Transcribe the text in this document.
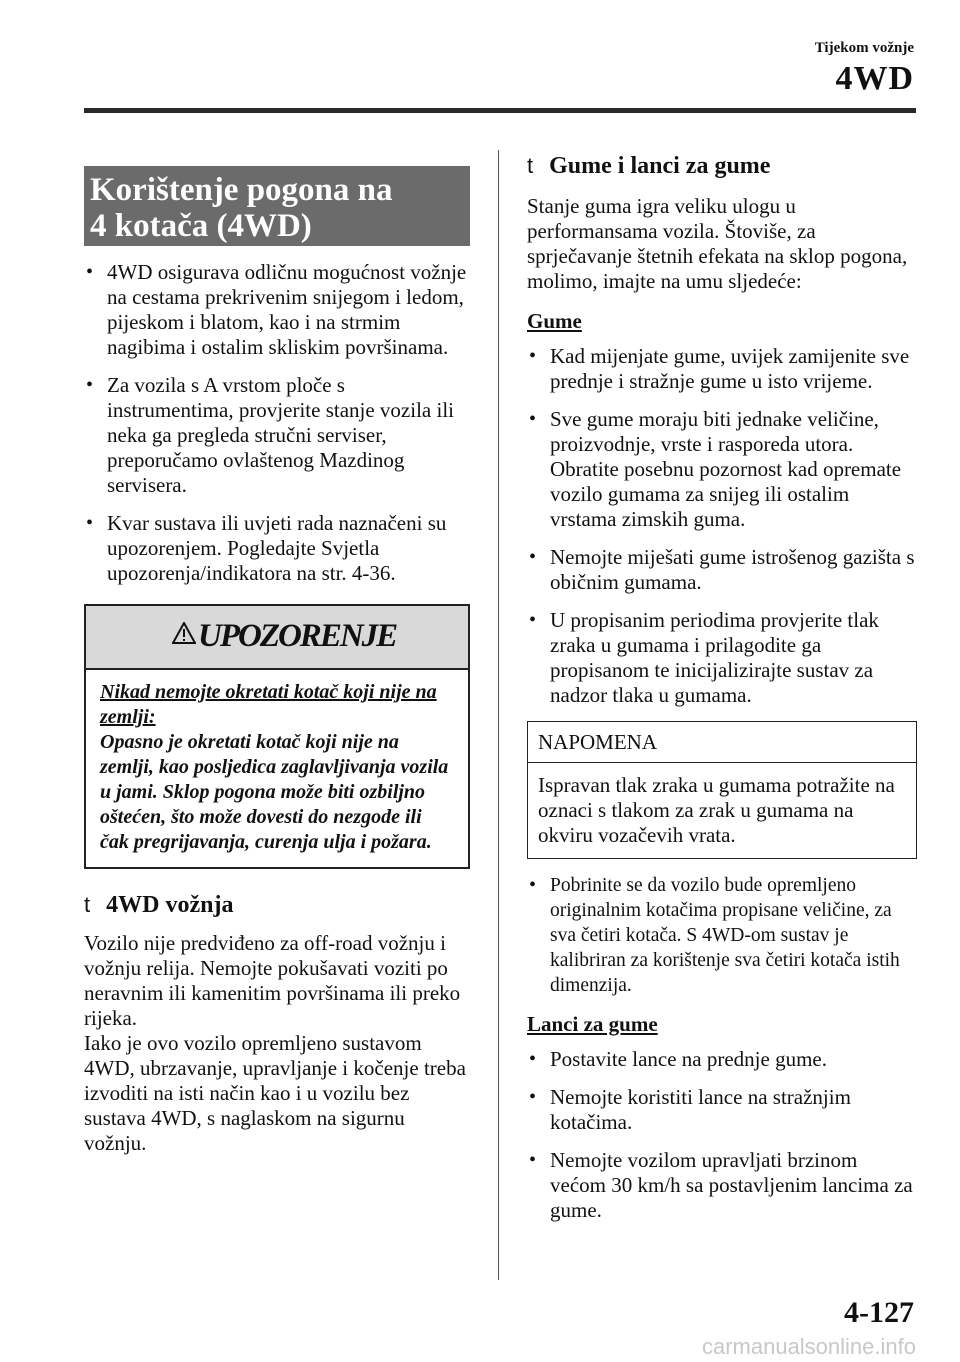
Tijekom vožnje
4WD
Korištenje pogona na
4 kotača (4WD)
• 4WD osigurava odličnu mogućnost vožnje na cestama prekrivenim snijegom i ledom, pijeskom i blatom, kao i na strmim nagibima i ostalim skliskim površinama.
• Za vozila s A vrstom ploče s instrumentima, provjerite stanje vozila ili neka ga pregleda stručni serviser, preporučamo ovlaštenog Mazdinog servisera.
• Kvar sustava ili uvjeti rada naznačeni su upozorenjem. Pogledajte Svjetla upozorenja/indikatora na str. 4-36.
UPOZORENJE
Nikad nemojte okretati kotač koji nije na zemlji:
Opasno je okretati kotač koji nije na zemlji, kao posljedica zaglavljivanja vozila u jami. Sklop pogona može biti ozbiljno oštećen, što može dovesti do nezgode ili čak pregrijavanja, curenja ulja i požara.
t 4WD vožnja
Vozilo nije predviđeno za off-road vožnju i vožnju relija. Nemojte pokušavati voziti po neravnim ili kamenitim površinama ili preko rijeka.
Iako je ovo vozilo opremljeno sustavom 4WD, ubrzavanje, upravljanje i kočenje treba izvoditi na isti način kao i u vozilu bez sustava 4WD, s naglaskom na sigurnu vožnju.
t Gume i lanci za gume
Stanje guma igra veliku ulogu u performansama vozila. Štoviše, za sprječavanje štetnih efekata na sklop pogona, molimo, imajte na umu sljedeće:
Gume
• Kad mijenjate gume, uvijek zamijenite sve prednje i stražnje gume u isto vrijeme.
• Sve gume moraju biti jednake veličine, proizvodnje, vrste i rasporeda utora. Obratite posebnu pozornost kad opremate vozilo gumama za snijeg ili ostalim vrstama zimskih guma.
• Nemojte miješati gume istrošenog gazišta s običnim gumama.
• U propisanim periodima provjerite tlak zraka u gumama i prilagodite ga propisanom te inicijalizirajte sustav za nadzor tlaka u gumama.
NAPOMENA
Ispravan tlak zraka u gumama potražite na oznaci s tlakom za zrak u gumama na okviru vozačevih vrata.
• Pobrinite se da vozilo bude opremljeno originalnim kotačima propisane veličine, za sva četiri kotača. S 4WD-om sustav je kalibriran za korištenje sva četiri kotača istih dimenzija.
Lanci za gume
• Postavite lance na prednje gume.
• Nemojte koristiti lance na stražnjim kotačima.
• Nemojte vozilom upravljati brzinom većom 30 km/h sa postavljenim lancima za gume.
4-127
carmanualsonline.info
